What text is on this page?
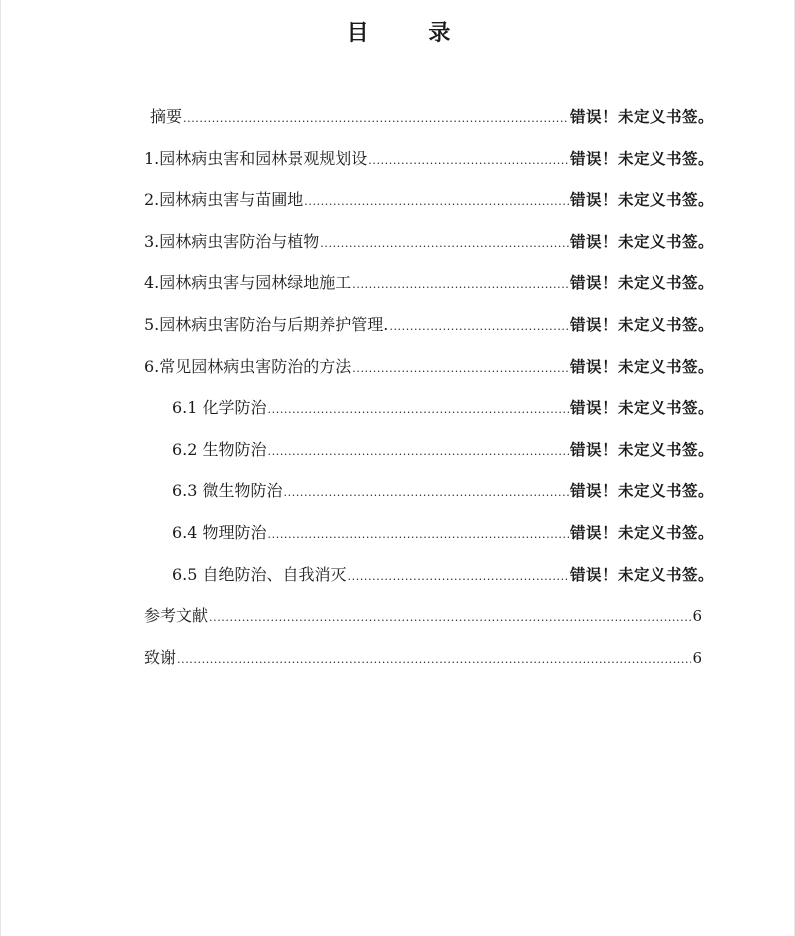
目 录
摘要 .....	错误！未定义书签。
1.园林病虫害和园林景观规划设 .....	错误！未定义书签。
2.园林病虫害与苗圃地 .....	错误！未定义书签。
3.园林病虫害防治与植物 .....	错误！未定义书签。
4.园林病虫害与园林绿地施工 .....	错误！未定义书签。
5.园林病虫害防治与后期养护管理. .....	错误！未定义书签。
6.常见园林病虫害防治的方法 .....	错误！未定义书签。
6.1 化学防治 .....	错误！未定义书签。
6.2 生物防治 .....	错误！未定义书签。
6.3 微生物防治 .....	错误！未定义书签。
6.4 物理防治 .....	错误！未定义书签。
6.5 自绝防治、自我消灭 .....	错误！未定义书签。
参考文献 .....	6
致谢 .....	6
